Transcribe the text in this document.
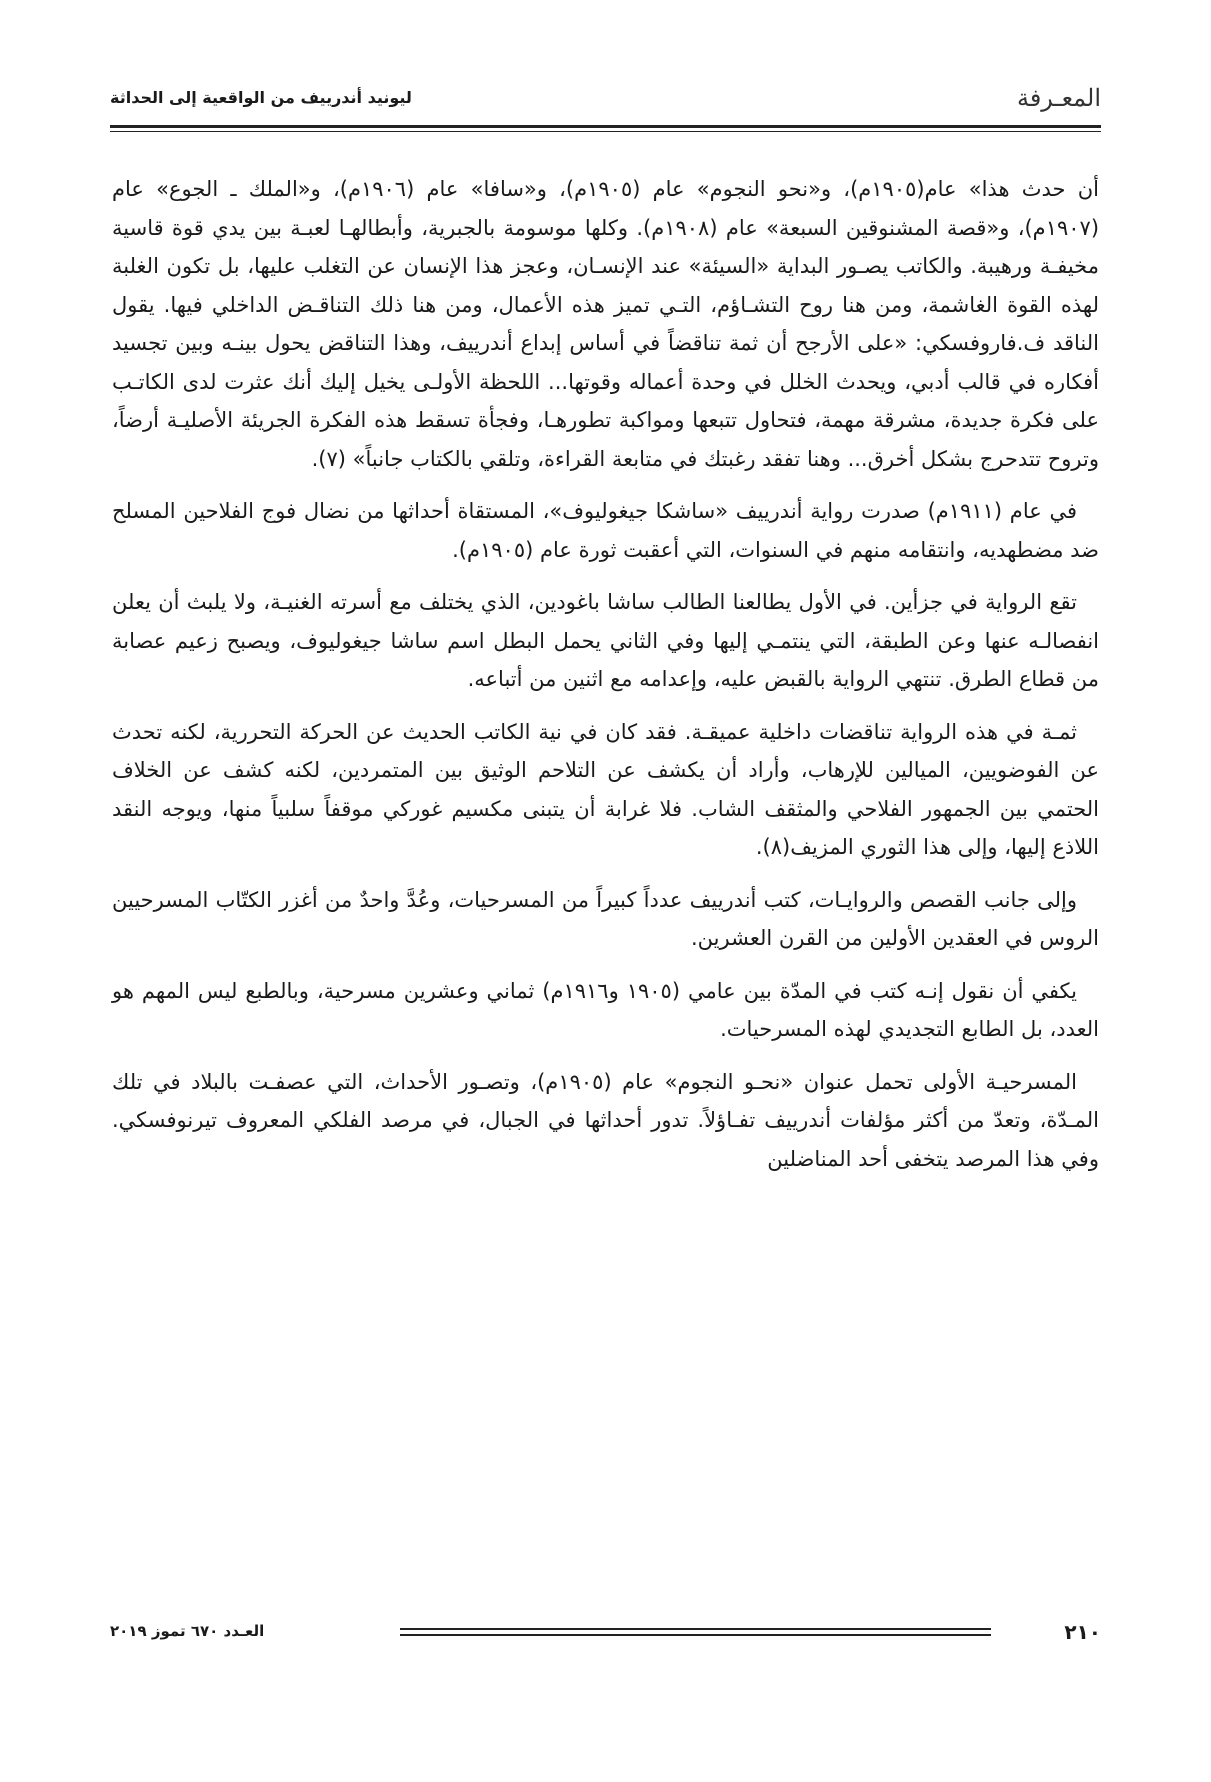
المعـرفة
ليونيد أندرييف من الواقعية إلى الحداثة

أن حدث هذا» عام(١٩٠٥م)، و«نحو النجوم» عام (١٩٠٥م)، و«سافا» عام (١٩٠٦م)، و«الملك ـ الجوع» عام (١٩٠٧م)، و«قصة المشنوقين السبعة» عام (١٩٠٨م). وكلها موسومة بالجبرية، وأبطالهـا لعبـة بين يدي قوة قاسية مخيفـة ورهيبة. والكاتب يصـور البداية «السيئة» عند الإنسـان، وعجز هذا الإنسان عن التغلب عليها، بل تكون الغلبة لهذه القوة الغاشمة، ومن هنا روح التشـاؤم، التـي تميز هذه الأعمال، ومن هنا ذلك التناقـض الداخلي فيها. يقول الناقد ف.فاروفسكي: «على الأرجح أن ثمة تناقضاً في أساس إبداع أندرييف، وهذا التناقض يحول بينـه وبين تجسيد أفكاره في قالب أدبي، ويحدث الخلل في وحدة أعماله وقوتها... اللحظة الأولـى يخيل إليك أنك عثرت لدى الكاتـب على فكرة جديدة، مشرقة مهمة، فتحاول تتبعها ومواكبة تطورهـا، وفجأة تسقط هذه الفكرة الجريئة الأصليـة أرضاً، وتروح تتدحرج بشكل أخرق... وهنا تفقد رغبتك في متابعة القراءة، وتلقي بالكتاب جانباً» (٧).

في عام (١٩١١م) صدرت رواية أندرييف «ساشكا جيغوليوف»، المستقاة أحداثها من نضال فوج الفلاحين المسلح ضد مضطهديه، وانتقامه منهم في السنوات، التي أعقبت ثورة عام (١٩٠٥م).

تقع الرواية في جزأين. في الأول يطالعنا الطالب ساشا باغودين، الذي يختلف مع أسرته الغنيـة، ولا يلبث أن يعلن انفصالـه عنها وعن الطبقة، التي ينتمـي إليها وفي الثاني يحمل البطل اسم ساشا جيغوليوف، ويصبح زعيم عصابة من قطاع الطرق. تنتهي الرواية بالقبض عليه، وإعدامه مع اثنين من أتباعه.

ثمـة في هذه الرواية تناقضات داخلية عميقـة. فقد كان في نية الكاتب الحديث عن الحركة التحررية، لكنه تحدث عن الفوضويين، الميالين للإرهاب، وأراد أن يكشف عن التلاحم الوثيق بين المتمردين، لكنه كشف عن الخلاف الحتمي بين الجمهور الفلاحي والمثقف الشاب. فلا غرابة أن يتبنى مكسيم غوركي موقفاً سلبياً منها، ويوجه النقد اللاذع إليها، وإلى هذا الثوري المزيف(٨).

وإلى جانب القصص والروايـات، كتب أندرييف عدداً كبيراً من المسرحيات، وعُدَّ واحدٌ من أغزر الكتّاب المسرحيين الروس في العقدين الأولين من القرن العشرين.

يكفي أن نقول إنـه كتب في المدّة بين عامي (١٩٠٥ و١٩١٦م) ثماني وعشرين مسرحية، وبالطبع ليس المهم هو العدد، بل الطابع التجديدي لهذه المسرحيات.

المسرحيـة الأولى تحمل عنوان «نحـو النجوم» عام (١٩٠٥م)، وتصـور الأحداث، التي عصفـت بالبلاد في تلك المـدّة، وتعدّ من أكثر مؤلفات أندرييف تفـاؤلاً. تدور أحداثها في الجبال، في مرصد الفلكي المعروف تيرنوفسكي. وفي هذا المرصد يتخفى أحد المناضلين

٢١٠
العـدد ٦٧٠ تموز ٢٠١٩
